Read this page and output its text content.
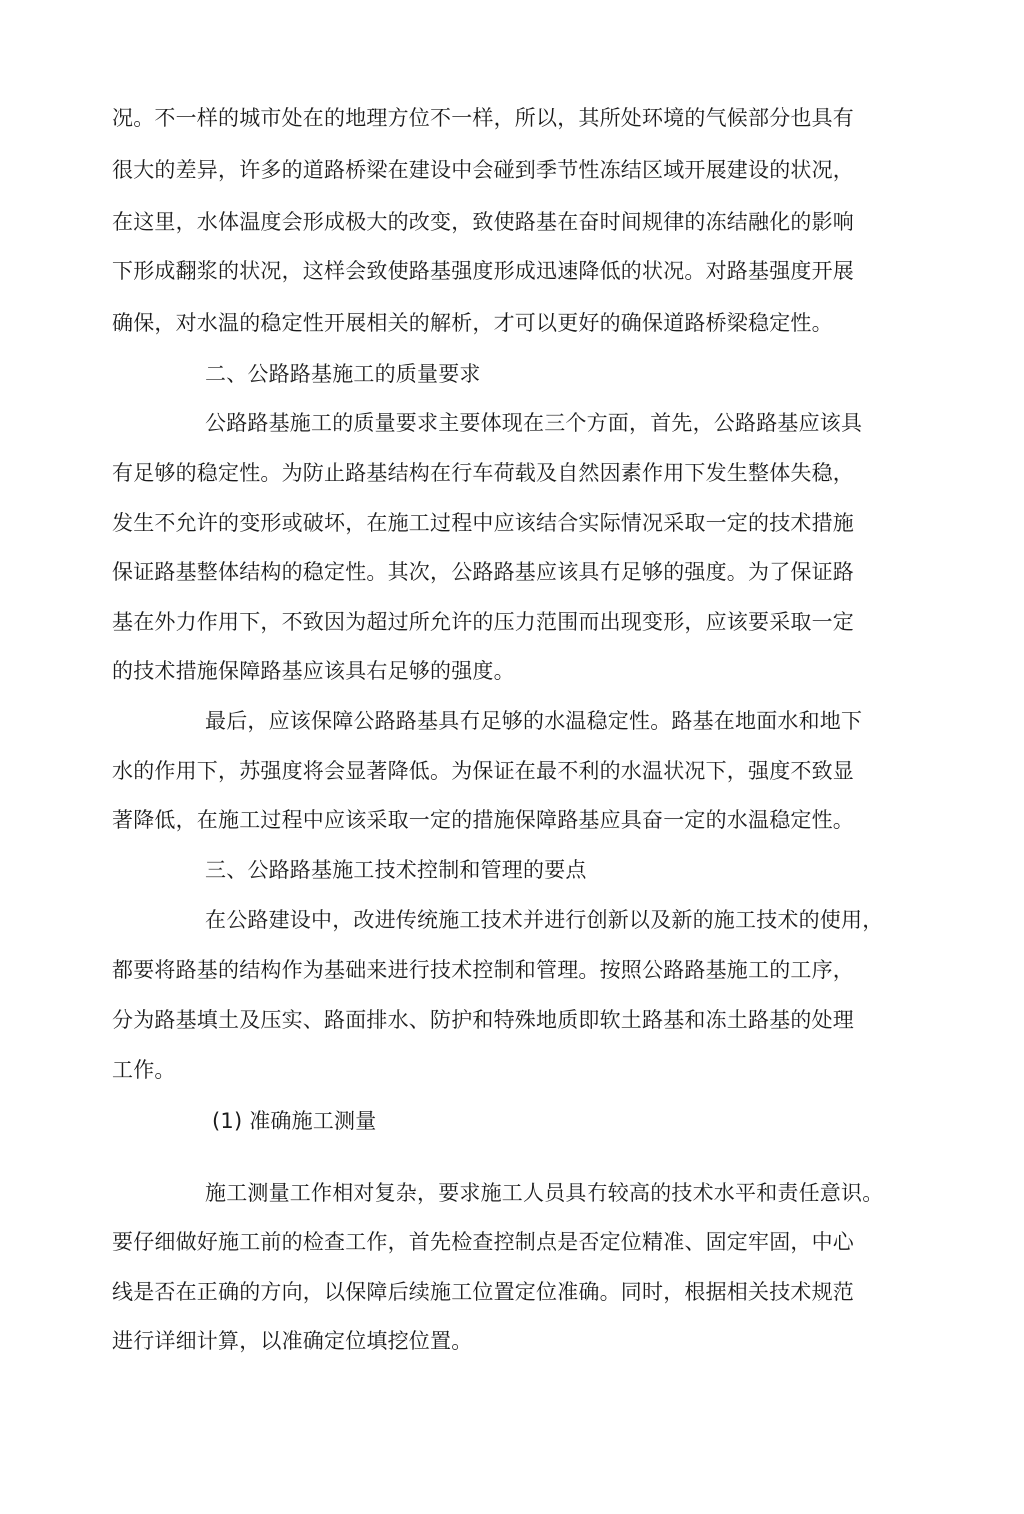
况。不一样的城市处在的地理方位不一样，所以，其所处环境的气候部分也具有
很大的差异，许多的道路桥梁在建设中会碰到季节性冻结区域开展建设的状况，
在这里，水体温度会形成极大的改变，致使路基在奋时间规律的冻结融化的影响
下形成翻浆的状况，这样会致使路基强度形成迅速降低的状况。对路基强度开展
确保，对水温的稳定性开展相关的解析，才可以更好的确保道路桥梁稳定性。
二、公路路基施工的质量要求
公路路基施工的质量要求主要体现在三个方面，首先，公路路基应该具
有足够的稳定性。为防止路基结构在行车荷载及自然因素作用下发生整体失稳，
发生不允许的变形或破坏，在施工过程中应该结合实际情况采取一定的技术措施
保证路基整体结构的稳定性。其次，公路路基应该具冇足够的强度。为了保证路
基在外力作用下，不致因为超过所允许的压力范围而出现变形，应该要采取一定
的技术措施保障路基应该具右足够的强度。
最后，应该保障公路路基具冇足够的水温稳定性。路基在地面水和地下
水的作用下，苏强度将会显著降低。为保证在最不利的水温状况下，强度不致显
著降低，在施工过程中应该采取一定的措施保障路基应具奋一定的水温稳定性。
三、公路路基施工技术控制和管理的要点
在公路建设中，改进传统施工技术并进行创新以及新的施工技术的使用，
都要将路基的结构作为基础来进行技术控制和管理。按照公路路基施工的工序，
分为路基填土及压实、路面排水、防护和特殊地质即软土路基和冻土路基的处理
工作。
(1) 准确施工测量
施工测量工作相对复杂，要求施工人员具冇较高的技术水平和责任意识。
要仔细做好施工前的检查工作，首先检查控制点是否定位精准、固定牢固，中心
线是否在正确的方向，以保障后续施工位置定位准确。同时，根据相关技术规范
进行详细计算，以准确定位填挖位置。
